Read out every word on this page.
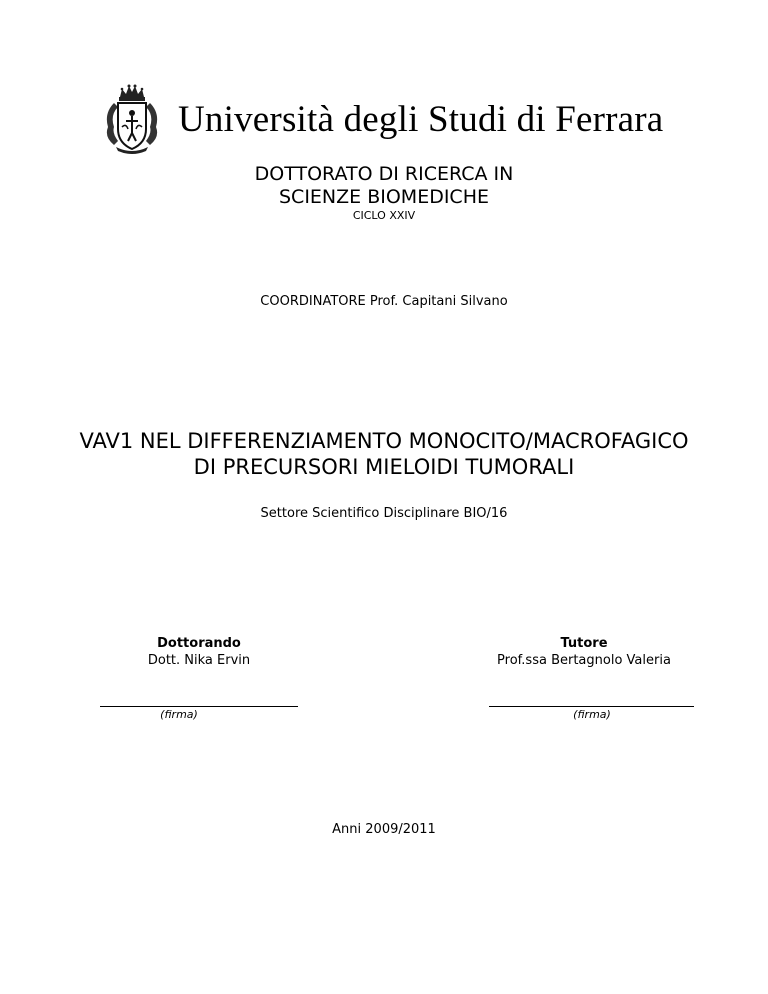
Università degli Studi di Ferrara
DOTTORATO DI RICERCA IN
SCIENZE BIOMEDICHE
CICLO XXIV
COORDINATORE Prof. Capitani Silvano
VAV1 NEL DIFFERENZIAMENTO MONOCITO/MACROFAGICO
DI PRECURSORI MIELOIDI TUMORALI
Settore Scientifico Disciplinare BIO/16
Dottorando
Dott. Nika Ervin
(firma)
Tutore
Prof.ssa Bertagnolo Valeria
(firma)
Anni 2009/2011
